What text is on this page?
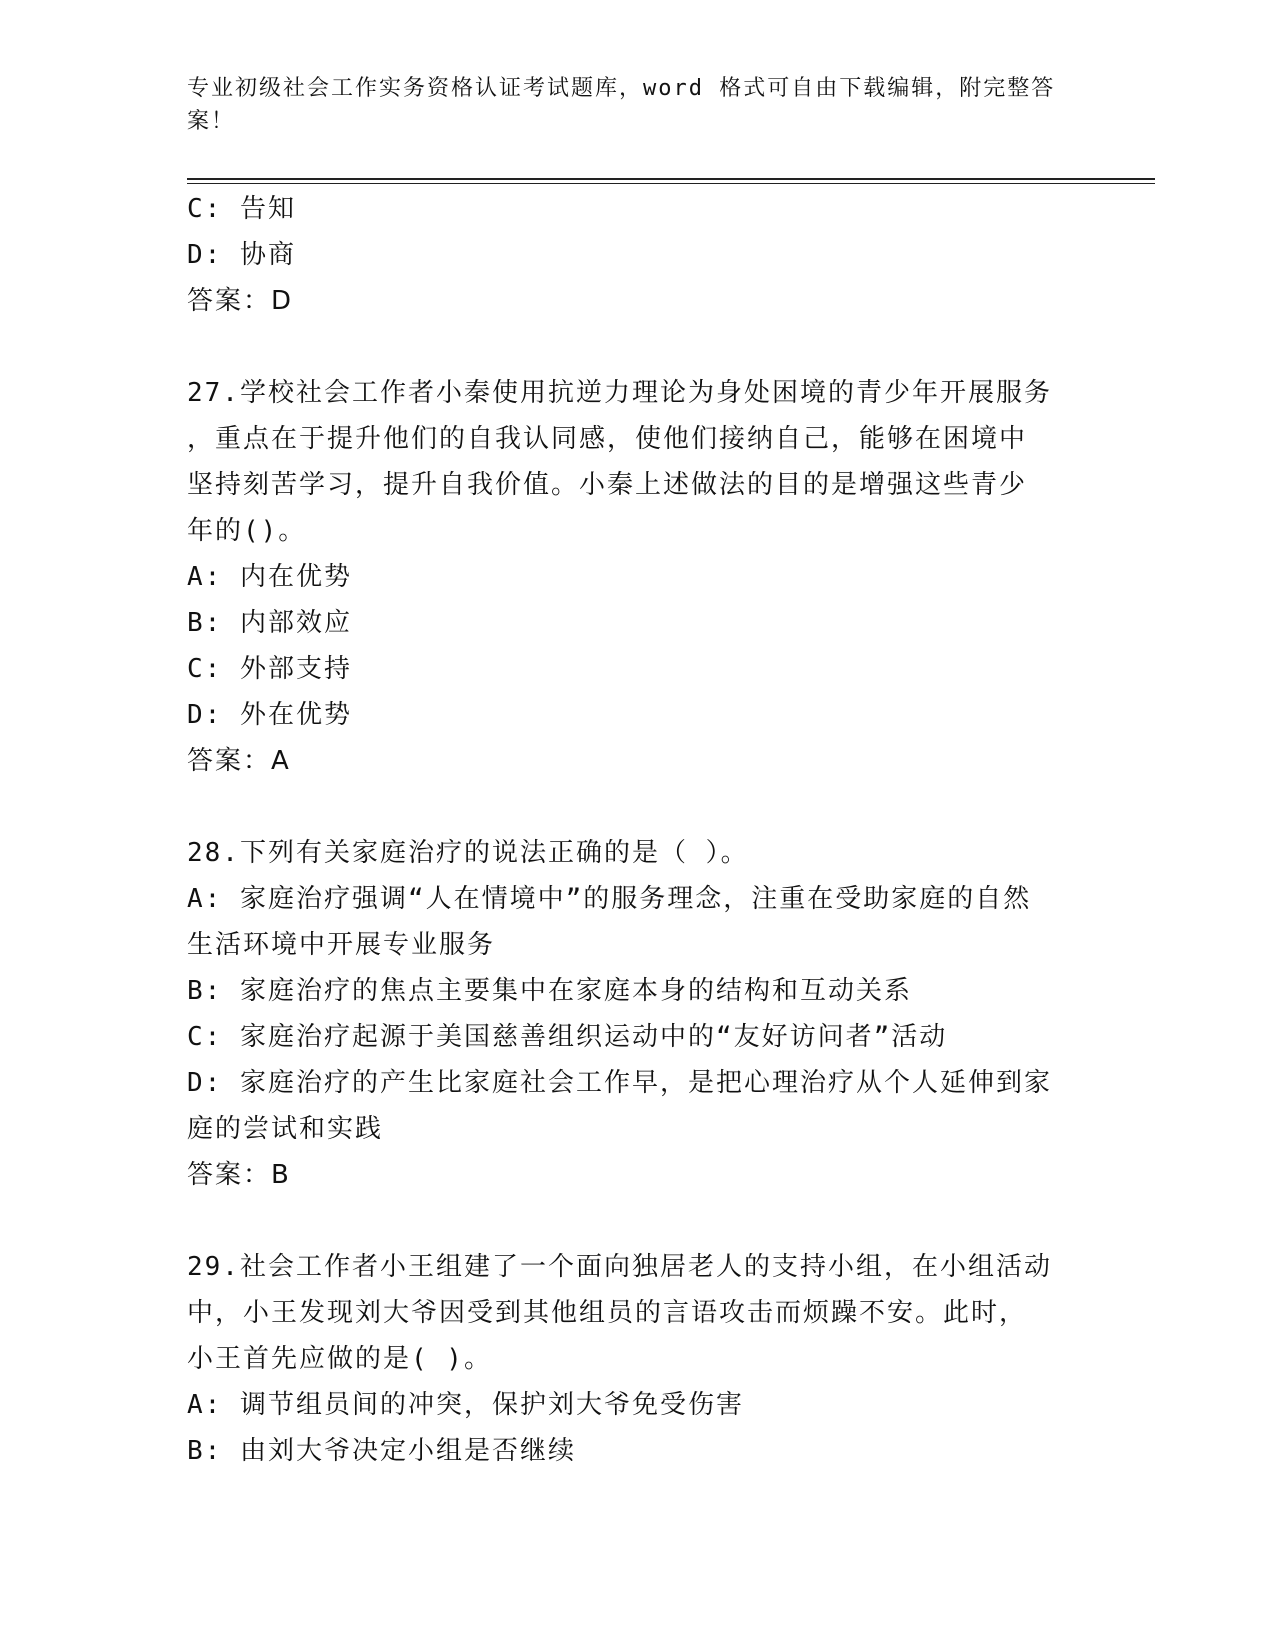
专业初级社会工作实务资格认证考试题库，word 格式可自由下载编辑，附完整答
案！
C: 告知
D: 协商
答案：D
27.学校社会工作者小秦使用抗逆力理论为身处困境的青少年开展服务
，重点在于提升他们的自我认同感，使他们接纳自己，能够在困境中
坚持刻苦学习，提升自我价值。小秦上述做法的目的是增强这些青少
年的()。
A: 内在优势
B: 内部效应
C: 外部支持
D: 外在优势
答案：A
28.下列有关家庭治疗的说法正确的是（ ）。
A: 家庭治疗强调“人在情境中”的服务理念，注重在受助家庭的自然
生活环境中开展专业服务
B: 家庭治疗的焦点主要集中在家庭本身的结构和互动关系
C: 家庭治疗起源于美国慈善组织运动中的“友好访问者”活动
D: 家庭治疗的产生比家庭社会工作早，是把心理治疗从个人延伸到家
庭的尝试和实践
答案：B
29.社会工作者小王组建了一个面向独居老人的支持小组，在小组活动
中，小王发现刘大爷因受到其他组员的言语攻击而烦躁不安。此时，
小王首先应做的是( )。
A: 调节组员间的冲突，保护刘大爷免受伤害
B: 由刘大爷决定小组是否继续
